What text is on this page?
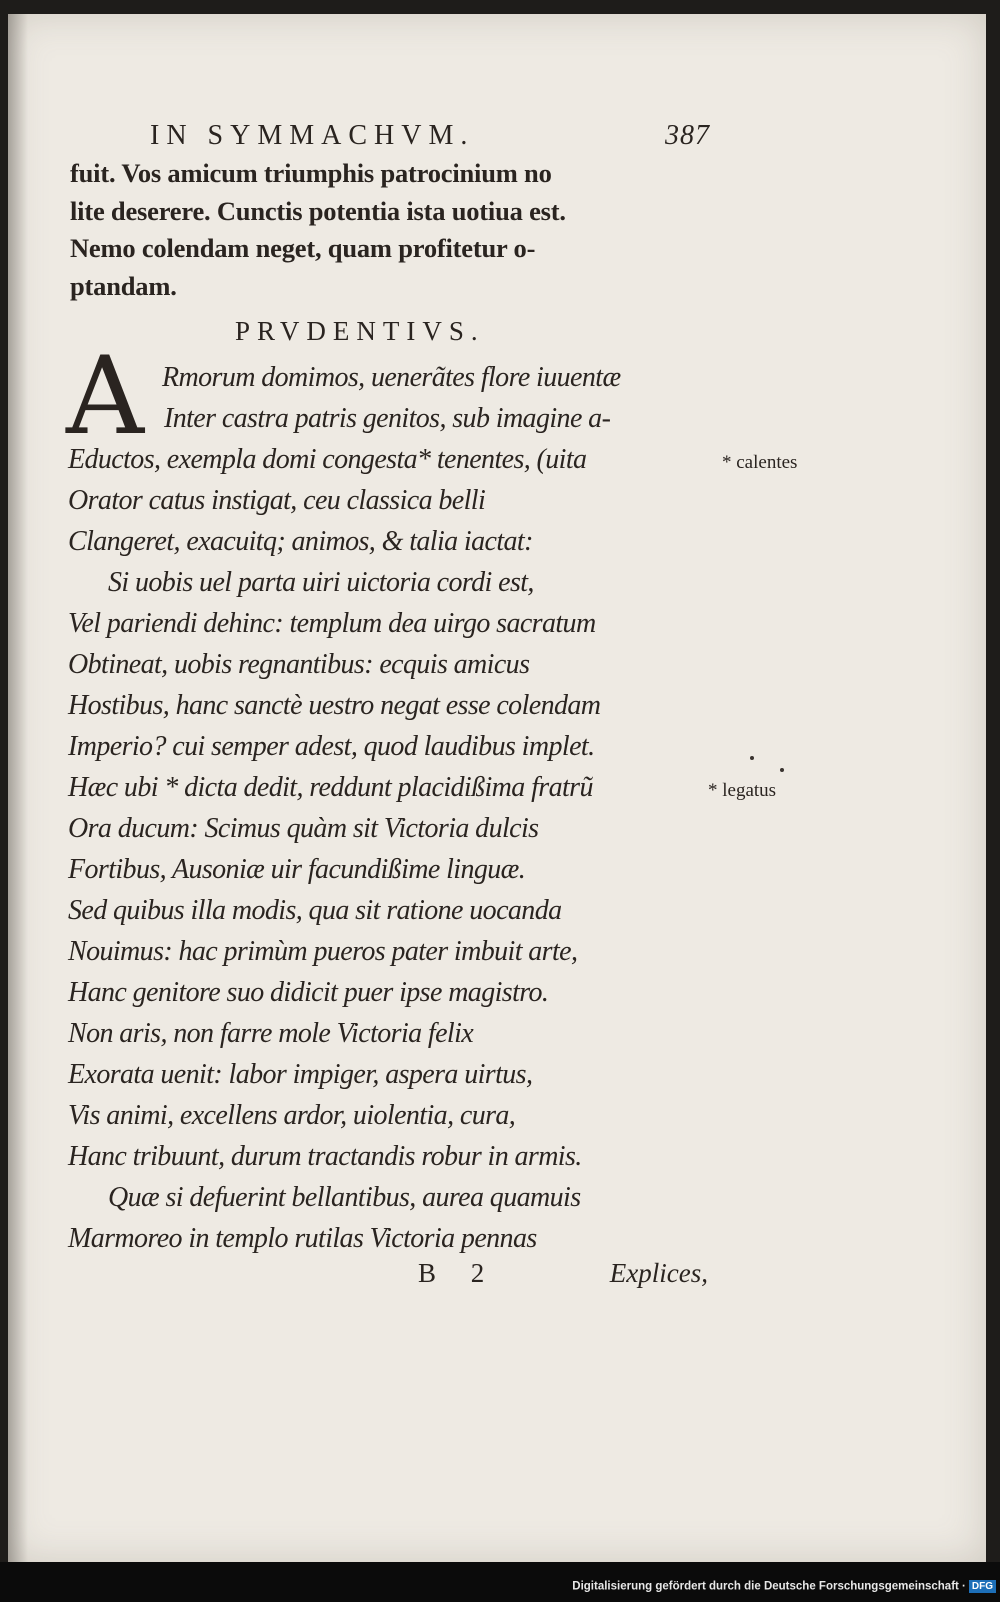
IN SYMMACHVM.	387
fuit. Vos amicum triumphis patrocinium no
lite deserere. Cunctis potentia ista uotiua est.
Nemo colendam neget, quam profitetur o-
ptandam.
PRVDENTIVS.
A Rmorum domimos, uenerãtes flore iuuentæ
Inter castra patris genitos, sub imagine a-
Eductos, exempla domi congesta* tenentes, (uita
Orator catus instigat, ceu classica belli
Clangeret, exacuitq; animos, & talia iactat:
Si uobis uel parta uiri uictoria cordi est,
Vel pariendi dehinc: templum dea uirgo sacratum
Obtineat, uobis regnantibus: ecquis amicus
Hostibus, hanc sanctè uestro negat esse colendam
Imperio? cui semper adest, quod laudibus implet.
Hæc ubi * dicta dedit, reddunt placidißima fratrũ
Ora ducum: Scimus quàm sit Victoria dulcis
Fortibus, Ausoniæ uir facundißime linguæ.
Sed quibus illa modis, qua sit ratione uocanda
Nouimus: hac primùm pueros pater imbuit arte,
Hanc genitore suo didicit puer ipse magistro.
Non aris, non farre mole Victoria felix
Exorata uenit: labor impiger, aspera uirtus,
Vis animi, excellens ardor, uiolentia, cura,
Hanc tribuunt, durum tractandis robur in armis.
Quæ si defuerint bellantibus, aurea quamuis
Marmoreo in templo rutilas Victoria pennas
* calentes
* legatus
B 2	Explices,
Digitalisierung gefördert durch die Deutsche Forschungsgemeinschaft · DFG
